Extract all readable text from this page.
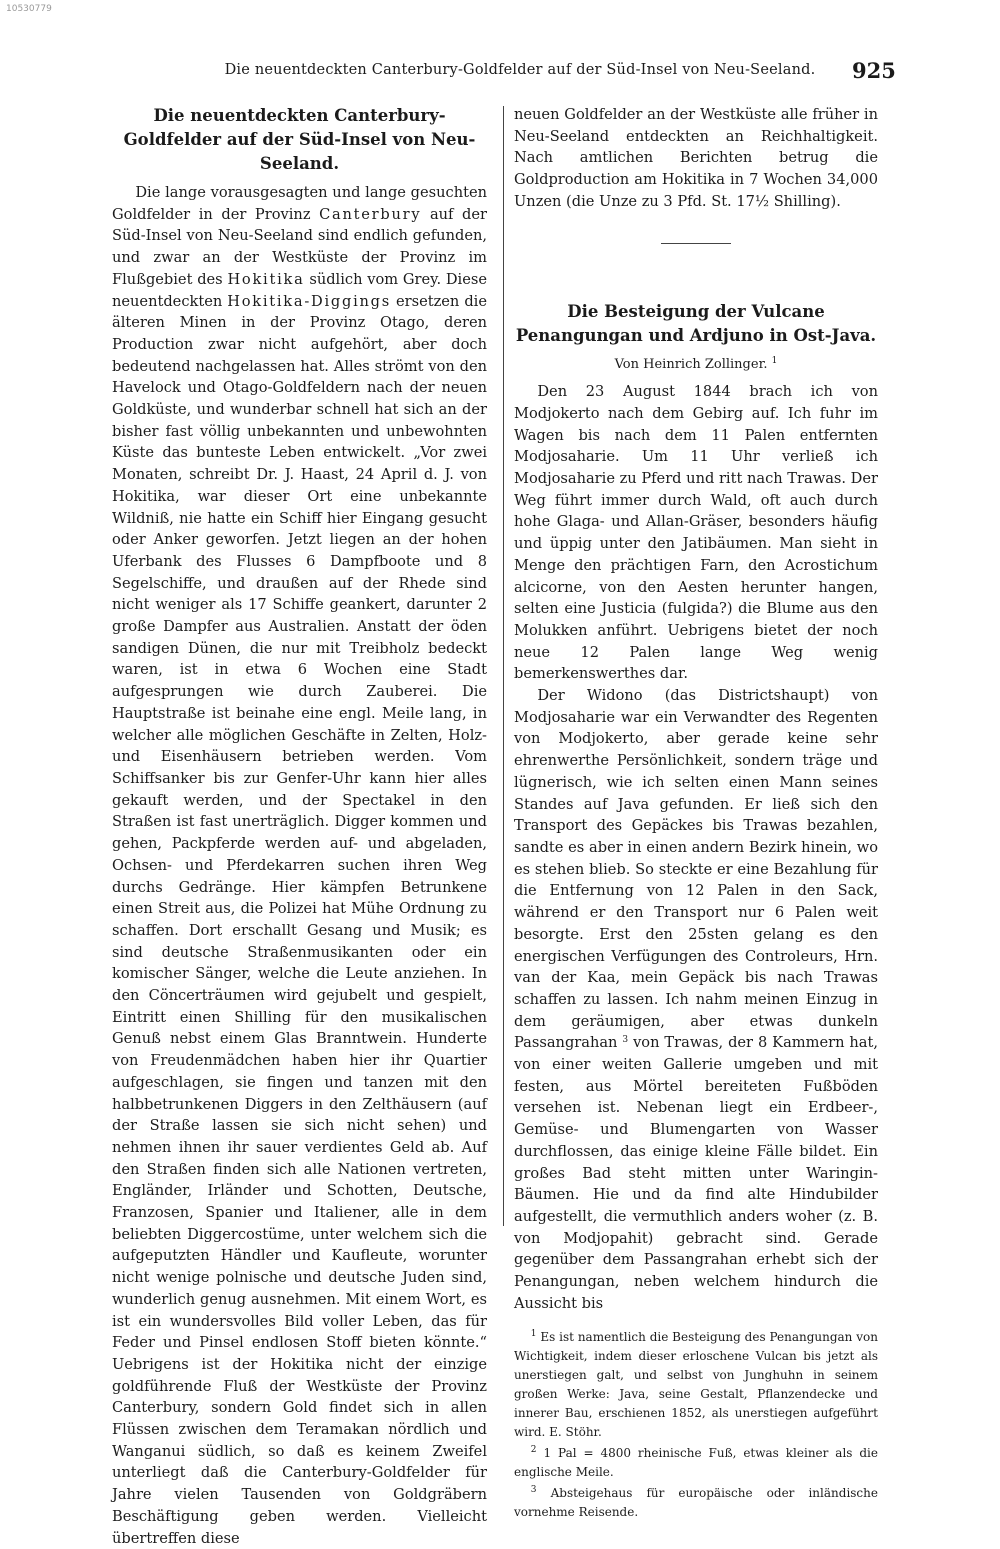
10530779
Die neuentdeckten Canterbury-Goldfelder auf der Süd-Insel von Neu-Seeland.	925
Die neuentdeckten Canterbury-Goldfelder auf der Süd-Insel von Neu-Seeland.

Die lange vorausgesagten und lange gesuchten Goldfelder in der Provinz Canterbury auf der Süd-Insel von Neu-Seeland sind endlich gefunden, und zwar an der Westküste der Provinz im Flußgebiet des Hokitika südlich vom Grey. Diese neuentdeckten Hokitika-Diggings ersetzen die älteren Minen in der Provinz Otago, deren Production zwar nicht aufgehört, aber doch bedeutend nachgelassen hat. Alles strömt von den Havelock und Otago-Goldfeldern nach der neuen Goldküste, und wunderbar schnell hat sich an der bisher fast völlig unbekannten und unbewohnten Küste das bunteste Leben entwickelt. „Vor zwei Monaten, schreibt Dr. J. Haast, 24 April d. J. von Hokitika, war dieser Ort eine unbekannte Wildniß, nie hatte ein Schiff hier Eingang gesucht oder Anker geworfen. Jetzt liegen an der hohen Uferbank des Flusses 6 Dampfboote und 8 Segelschiffe, und draußen auf der Rhede sind nicht weniger als 17 Schiffe geankert, darunter 2 große Dampfer aus Australien. Anstatt der öden sandigen Dünen, die nur mit Treibholz bedeckt waren, ist in etwa 6 Wochen eine Stadt aufgesprungen wie durch Zauberei. Die Hauptstraße ist beinahe eine engl. Meile lang, in welcher alle möglichen Geschäfte in Zelten, Holz- und Eisenhäusern betrieben werden. Vom Schiffsanker bis zur Genfer-Uhr kann hier alles gekauft werden, und der Spectakel in den Straßen ist fast unerträglich. Digger kommen und gehen, Packpferde werden auf- und abgeladen, Ochsen- und Pferdekarren suchen ihren Weg durchs Gedränge. Hier kämpfen Betrunkene einen Streit aus, die Polizei hat Mühe Ordnung zu schaffen. Dort erschallt Gesang und Musik; es sind deutsche Straßenmusikanten oder ein komischer Sänger, welche die Leute anziehen. In den Cöncerträumen wird gejubelt und gespielt, Eintritt einen Shilling für den musikalischen Genuß nebst einem Glas Branntwein. Hunderte von Freudenmädchen haben hier ihr Quartier aufgeschlagen, sie fingen und tanzen mit den halbbetrunkenen Diggers in den Zelthäusern (auf der Straße lassen sie sich nicht sehen) und nehmen ihnen ihr sauer verdientes Geld ab. Auf den Straßen finden sich alle Nationen vertreten, Engländer, Irländer und Schotten, Deutsche, Franzosen, Spanier und Italiener, alle in dem beliebten Diggercostüme, unter welchem sich die aufgeputzten Händler und Kaufleute, worunter nicht wenige polnische und deutsche Juden sind, wunderlich genug ausnehmen. Mit einem Wort, es ist ein wundersvolles Bild voller Leben, das für Feder und Pinsel endlosen Stoff bieten könnte.“ Uebrigens ist der Hokitika nicht der einzige goldführende Fluß der Westküste der Provinz Canterbury, sondern Gold findet sich in allen Flüssen zwischen dem Teramakan nördlich und Wanganui südlich, so daß es keinem Zweifel unterliegt daß die Canterbury-Goldfelder für Jahre vielen Tausenden von Goldgräbern Beschäftigung geben werden. Vielleicht übertreffen diese

neuen Goldfelder an der Westküste alle früher in Neu-Seeland entdeckten an Reichhaltigkeit. Nach amtlichen Berichten betrug die Goldproduction am Hokitika in 7 Wochen 34,000 Unzen (die Unze zu 3 Pfd. St. 17½ Shilling).

Die Besteigung der Vulcane Penangungan und Ardjuno in Ost-Java.
Von Heinrich Zollinger. $^1$

Den 23 August 1844 brach ich von Modjokerto nach dem Gebirg auf. Ich fuhr im Wagen bis nach dem 11 Palen entfernten Modjosaharie. Um 11 Uhr verließ ich Modjosaharie zu Pferd und ritt nach Trawas. Der Weg führt immer durch Wald, oft auch durch hohe Glaga- und Allan-Gräser, besonders häufig und üppig unter den Jatibäumen. Man sieht in Menge den prächtigen Farn, den Acrostichum alcicorne, von den Aesten herunter hangen, selten eine Justicia (fulgida?) die Blume aus den Molukken anführt. Uebrigens bietet der noch neue 12 Palen lange Weg wenig bemerkenswerthes dar.

Der Widono (das Districtshaupt) von Modjosaharie war ein Verwandter des Regenten von Modjokerto, aber gerade keine sehr ehrenwerthe Persönlichkeit, sondern träge und lügnerisch, wie ich selten einen Mann seines Standes auf Java gefunden. Er ließ sich den Transport des Gepäckes bis Trawas bezahlen, sandte es aber in einen andern Bezirk hinein, wo es stehen blieb. So steckte er eine Bezahlung für die Entfernung von 12 Palen in den Sack, während er den Transport nur 6 Palen weit besorgte. Erst den 25sten gelang es den energischen Verfügungen des Controleurs, Hrn. van der Kaa, mein Gepäck bis nach Trawas schaffen zu lassen. Ich nahm meinen Einzug in dem geräumigen, aber etwas dunkeln Passangrahan $^3$ von Trawas, der 8 Kammern hat, von einer weiten Gallerie umgeben und mit festen, aus Mörtel bereiteten Fußböden versehen ist. Nebenan liegt ein Erdbeer-, Gemüse- und Blumengarten von Wasser durchflossen, das einige kleine Fälle bildet. Ein großes Bad steht mitten unter Waringin-Bäumen. Hie und da find alte Hindubilder aufgestellt, die vermuthlich anders woher (z. B. von Modjopahit) gebracht sind. Gerade gegenüber dem Passangrahan erhebt sich der Penangungan, neben welchem hindurch die Aussicht bis

$^1$ Es ist namentlich die Besteigung des Penangungan von Wichtigkeit, indem dieser erloschene Vulcan bis jetzt als unerstiegen galt, und selbst von Junghuhn in seinem großen Werke: Java, seine Gestalt, Pflanzendecke und innerer Bau, erschienen 1852, als unerstiegen aufgeführt wird. E. Stöhr.

$^2$ 1 Pal = 4800 rheinische Fuß, etwas kleiner als die englische Meile.

$^3$ Absteigehaus für europäische oder inländische vornehme Reisende.
